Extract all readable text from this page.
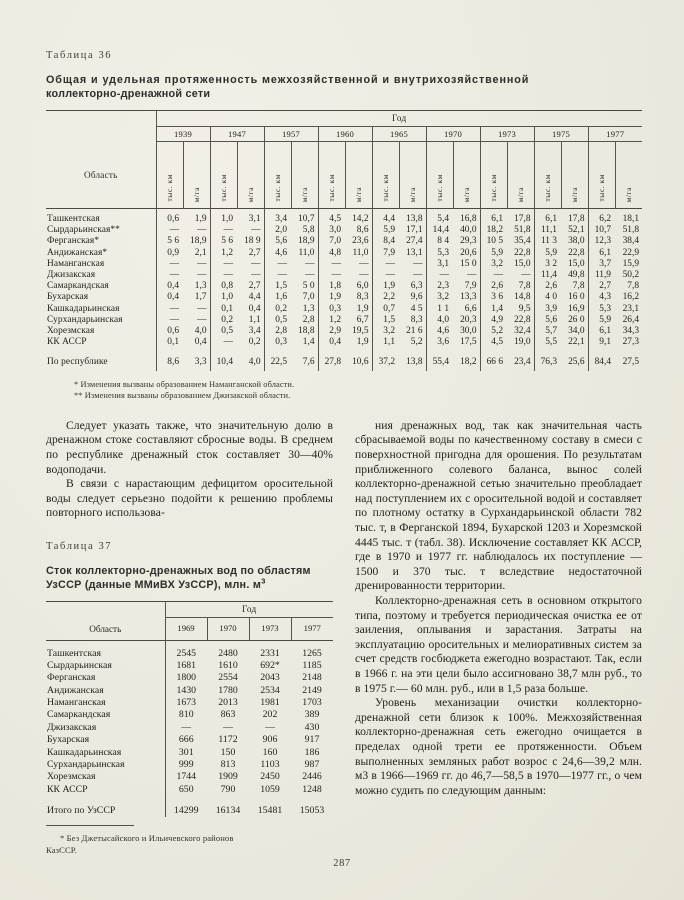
Таблица 36
Общая и удельная протяженность межхозяйственной и внутрихозяйственной
коллекторно-дренажной сети
	Год																	
	1939		1947		1957		1960		1965		1970		1973		1975		1977	
Область	тыс. км	м/га	тыс. км	м/га	тыс. км	м/га	тыс. км	м/га	тыс. км	м/га	тыс. км	м/га	тыс. км	м/га	тыс. км	м/га	тыс. км	м/га
Ташкентская	0,6	1,9	1,0	3,1	3,4	10,7	4,5	14,2	4,4	13,8	5,4	16,8	6,1	17,8	6,1	17,8	6,2	18,1
Сырдарьинская**	—	—	—	—	2,0	5,8	3,0	8,6	5,9	17,1	14,4	40,0	18,2	51,8	11,1	52,1	10,7	51,8
Ферганская*	5 6	18,9	5 6	18 9	5,6	18,9	7,0	23,6	8,4	27,4	8 4	29,3	10 5	35,4	11 3	38,0	12,3	38,4
Андижанская*	0,9	2,1	1,2	2,7	4,6	11,0	4,8	11,0	7,9	13,1	5,3	20,6	5,9	22,8	5,9	22,8	6,1	22,9
Наманганская	—	—	—	—	—	—	—	—	—	—	3,1	15 0	3,2	15,0	3 2	15,0	3,7	15,9
Джизакская	—	—	—	—	—	—	—	—	—	—	—	—	—	—	11,4	49,8	11,9	50,2
Самаркандская	0,4	1,3	0,8	2,7	1,5	5 0	1,8	6,0	1,9	6,3	2,3	7,9	2,6	7,8	2,6	7,8	2,7	7,8
Бухарская	0,4	1,7	1,0	4,4	1,6	7,0	1,9	8,3	2,2	9,6	3,2	13,3	3 6	14,8	4 0	16 0	4,3	16,2
Кашкадарьинская	—	—	0,1	0,4	0,2	1,3	0,3	1,9	0,7	4 5	1 1	6,6	1,4	9,5	3,9	16,9	5,3	23,1
Сурхандарьинская	—	—	0,2	1,1	0,5	2,8	1,2	6,7	1,5	8,3	4,0	20,3	4,9	22,8	5,6	26 0	5,9	26,4
Хорезмская	0,6	4,0	0,5	3,4	2,8	18,8	2,9	19,5	3,2	21 6	4,6	30,0	5,2	32,4	5,7	34,0	6,1	34,3
КК АССР	0,1	0,4	—	0,2	0,3	1,4	0,4	1,9	1,1	5,2	3,6	17,5	4,5	19,0	5,5	22,1	9,1	27,3
По республике	8,6	3,3	10,4	4,0	22,5	7,6	27,8	10,6	37,2	13,8	55,4	18,2	66 6	23,4	76,3	25,6	84,4	27,5
* Изменения вызваны образованием Наманганской области.
** Изменения вызваны образованием Джизакской области.

Следует указать также, что значительную долю в дренажном стоке составляют сбросные воды. В среднем по республике дренажный сток составляет 30—40% водоподачи.

В связи с нарастающим дефицитом оросительной воды следует серьезно подойти к решению проблемы повторного использова-

Таблица 37
Сток коллекторно-дренажных вод по областям
УзССР (данные ММиВХ УзССР), млн. $м^3$
	Год			
Область	1969	1970	1973	1977
Ташкентская	2545	2480	2331	1265
Сырдарьинская	1681	1610	692*	1185
Ферганская	1800	2554	2043	2148
Андижанская	1430	1780	2534	2149
Наманганская	1673	2013	1981	1703
Самаркандская	810	863	202	389
Джизакская	—	—	—	430
Бухарская	666	1172	906	917
Кашкадарьинская	301	150	160	186
Сурхандарьинская	999	813	1103	987
Хорезмская	1744	1909	2450	2446
КК АССР	650	790	1059	1248
Итого по УзССР	14299	16134	15481	15053
* Без Джетысайского и Ильичевского районов
КазССР.

ния дренажных вод, так как значительная часть сбрасываемой воды по качественному составу в смеси с поверхностной пригодна для орошения. По результатам приближенного солевого баланса, вынос солей коллекторно-дренажной сетью значительно преобладает над поступлением их с оросительной водой и составляет по плотному остатку в Сурхандарьинской области 782 тыс. т, в Ферганской 1894, Бухарской 1203 и Хорезмской 4445 тыс. т (табл. 38). Исключение составляет КК АССР, где в 1970 и 1977 гг. наблюдалось их поступление — 1500 и 370 тыс. т вследствие недостаточной дренированности территории.

Коллекторно-дренажная сеть в основном открытого типа, поэтому и требуется периодическая очистка ее от заиления, оплывания и зарастания. Затраты на эксплуатацию оросительных и мелиоративных систем за счет средств госбюджета ежегодно возрастают. Так, если в 1966 г. на эти цели было ассигновано 38,7 млн руб., то в 1975 г.— 60 млн. руб., или в 1,5 раза больше.

Уровень механизации очистки коллекторно-дренажной сети близок к 100%. Межхозяйственная коллекторно-дренажная сеть ежегодно очищается в пределах одной трети ее протяженности. Объем выполненных земляных работ возрос с 24,6—39,2 млн. м3 в 1966—1969 гг. до 46,7—58,5 в 1970—1977 гг., о чем можно судить по следующим данным:

287
